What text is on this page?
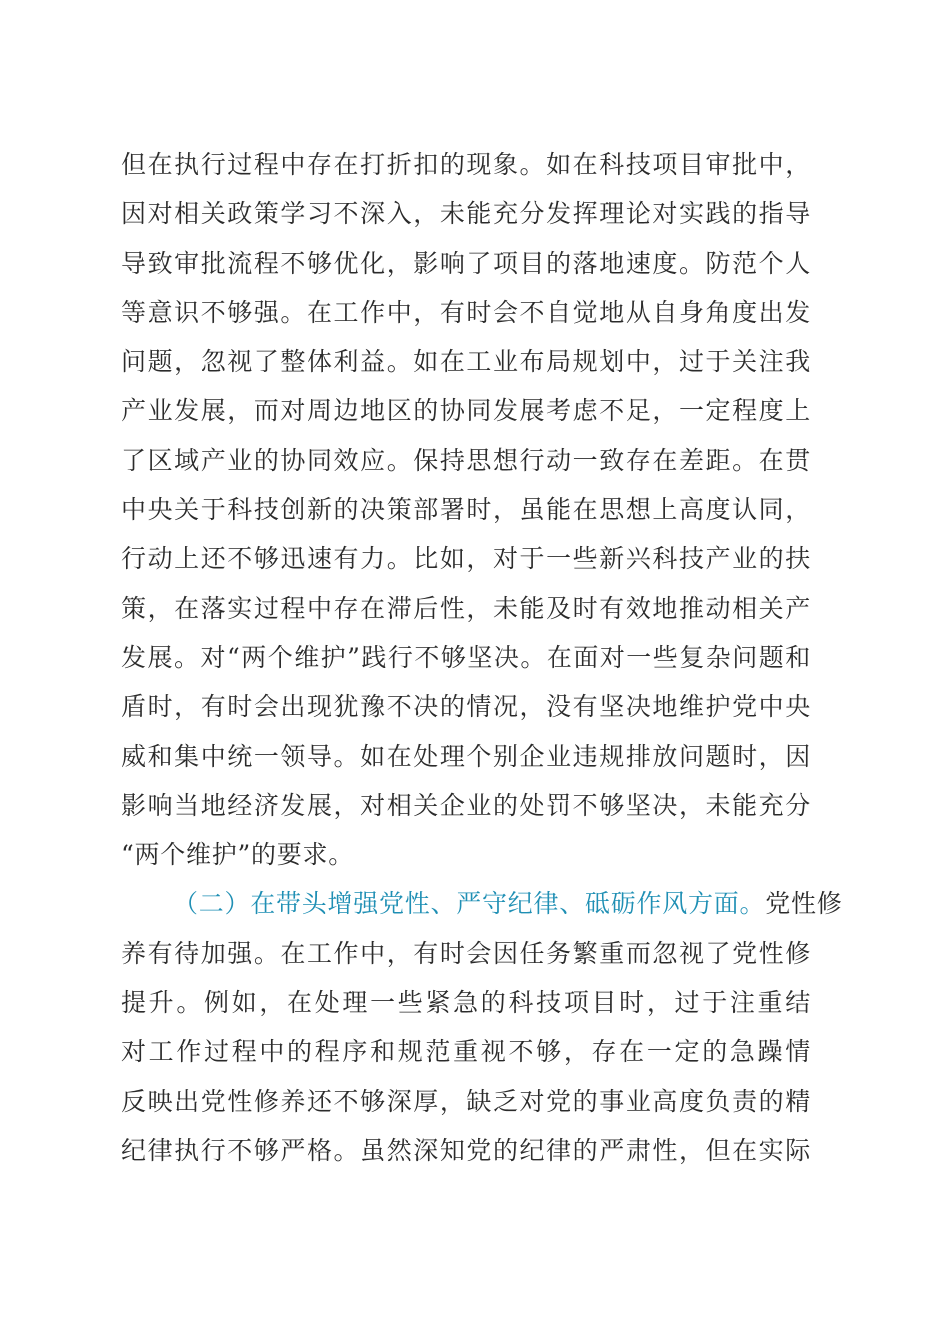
但在执行过程中存在打折扣的现象。如在科技项目审批中，
因对相关政策学习不深入，未能充分发挥理论对实践的指导
导致审批流程不够优化，影响了项目的落地速度。防范个人
等意识不够强。在工作中，有时会不自觉地从自身角度出发
问题，忽视了整体利益。如在工业布局规划中，过于关注我
产业发展，而对周边地区的协同发展考虑不足，一定程度上
了区域产业的协同效应。保持思想行动一致存在差距。在贯
中央关于科技创新的决策部署时，虽能在思想上高度认同，
行动上还不够迅速有力。比如，对于一些新兴科技产业的扶
策，在落实过程中存在滞后性，未能及时有效地推动相关产
发展。对“两个维护”践行不够坚决。在面对一些复杂问题和
盾时，有时会出现犹豫不决的情况，没有坚决地维护党中央
威和集中统一领导。如在处理个别企业违规排放问题时，因
影响当地经济发展，对相关企业的处罚不够坚决，未能充分
“两个维护”的要求。
（二）在带头增强党性、严守纪律、砥砺作风方面。党性修
养有待加强。在工作中，有时会因任务繁重而忽视了党性修
提升。例如，在处理一些紧急的科技项目时，过于注重结
对工作过程中的程序和规范重视不够，存在一定的急躁情
反映出党性修养还不够深厚，缺乏对党的事业高度负责的精
纪律执行不够严格。虽然深知党的纪律的严肃性，但在实际
